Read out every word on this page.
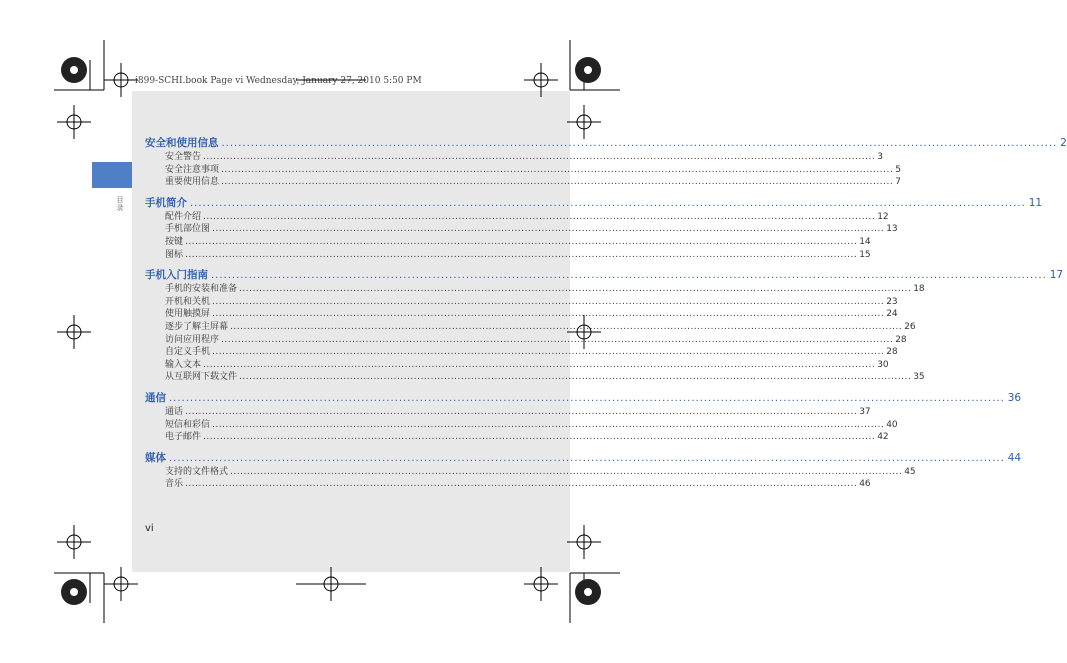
目录
i899-SCHI.book Page vi Wednesday, January 27, 2010 5:50 PM
安全和使用信息 ........................................................................................................................................................................................................ 2
安全警告 ........................................................................................................................................................................................................ 3
安全注意事项 ........................................................................................................................................................................................................ 5
重要使用信息 ........................................................................................................................................................................................................ 7
手机简介 ........................................................................................................................................................................................................ 11
配件介绍 ........................................................................................................................................................................................................ 12
手机部位图 ........................................................................................................................................................................................................ 13
按键 ........................................................................................................................................................................................................ 14
图标 ........................................................................................................................................................................................................ 15
手机入门指南 ........................................................................................................................................................................................................ 17
手机的安装和准备 ........................................................................................................................................................................................................ 18
开机和关机 ........................................................................................................................................................................................................ 23
使用触摸屏 ........................................................................................................................................................................................................ 24
逐步了解主屏幕 ........................................................................................................................................................................................................ 26
访问应用程序 ........................................................................................................................................................................................................ 28
自定义手机 ........................................................................................................................................................................................................ 28
输入文本 ........................................................................................................................................................................................................ 30
从互联网下载文件 ........................................................................................................................................................................................................ 35
通信 ........................................................................................................................................................................................................ 36
通话 ........................................................................................................................................................................................................ 37
短信和彩信 ........................................................................................................................................................................................................ 40
电子邮件 ........................................................................................................................................................................................................ 42
媒体 ........................................................................................................................................................................................................ 44
支持的文件格式 ........................................................................................................................................................................................................ 45
音乐 ........................................................................................................................................................................................................ 46
vi
